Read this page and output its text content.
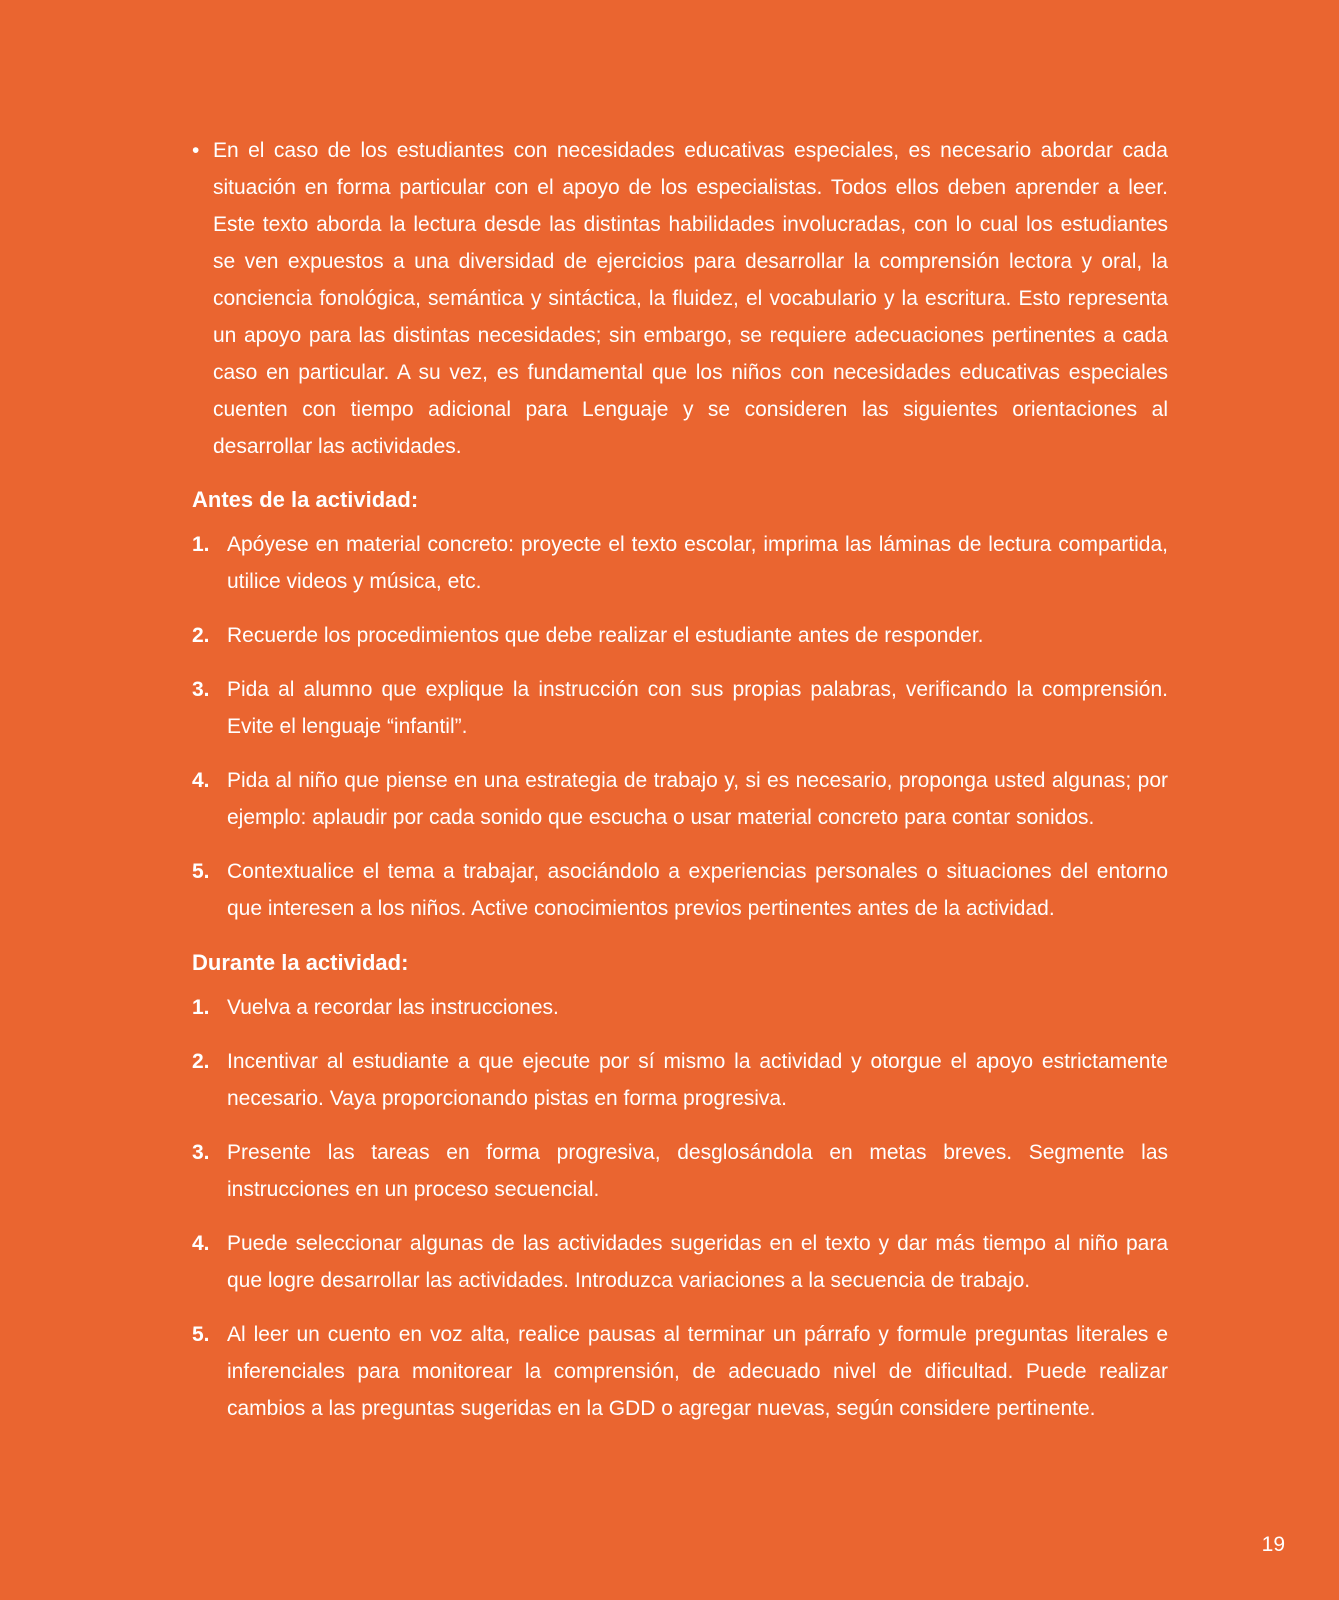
• En el caso de los estudiantes con necesidades educativas especiales, es necesario abordar cada situación en forma particular con el apoyo de los especialistas. Todos ellos deben aprender a leer. Este texto aborda la lectura desde las distintas habilidades involucradas, con lo cual los estudiantes se ven expuestos a una diversidad de ejercicios para desarrollar la comprensión lectora y oral, la conciencia fonológica, semántica y sintáctica, la fluidez, el vocabulario y la escritura. Esto representa un apoyo para las distintas necesidades; sin embargo, se requiere adecuaciones pertinentes a cada caso en particular. A su vez, es fundamental que los niños con necesidades educativas especiales cuenten con tiempo adicional para Lenguaje y se consideren las siguientes orientaciones al desarrollar las actividades.
Antes de la actividad:
1. Apóyese en material concreto: proyecte el texto escolar, imprima las láminas de lectura compartida, utilice videos y música, etc.
2. Recuerde los procedimientos que debe realizar el estudiante antes de responder.
3. Pida al alumno que explique la instrucción con sus propias palabras, verificando la comprensión. Evite el lenguaje “infantil”.
4. Pida al niño que piense en una estrategia de trabajo y, si es necesario, proponga usted algunas; por ejemplo: aplaudir por cada sonido que escucha o usar material concreto para contar sonidos.
5. Contextualice el tema a trabajar, asociándolo a experiencias personales o situaciones del entorno que interesen a los niños. Active conocimientos previos pertinentes antes de la actividad.
Durante la actividad:
1. Vuelva a recordar las instrucciones.
2. Incentivar al estudiante a que ejecute por sí mismo la actividad y otorgue el apoyo estrictamente necesario. Vaya proporcionando pistas en forma progresiva.
3. Presente las tareas en forma progresiva, desglosándola en metas breves. Segmente las instrucciones en un proceso secuencial.
4. Puede seleccionar algunas de las actividades sugeridas en el texto y dar más tiempo al niño para que logre desarrollar las actividades. Introduzca variaciones a la secuencia de trabajo.
5. Al leer un cuento en voz alta, realice pausas al terminar un párrafo y formule preguntas literales e inferenciales para monitorear la comprensión, de adecuado nivel de dificultad. Puede realizar cambios a las preguntas sugeridas en la GDD o agregar nuevas, según considere pertinente.
19
